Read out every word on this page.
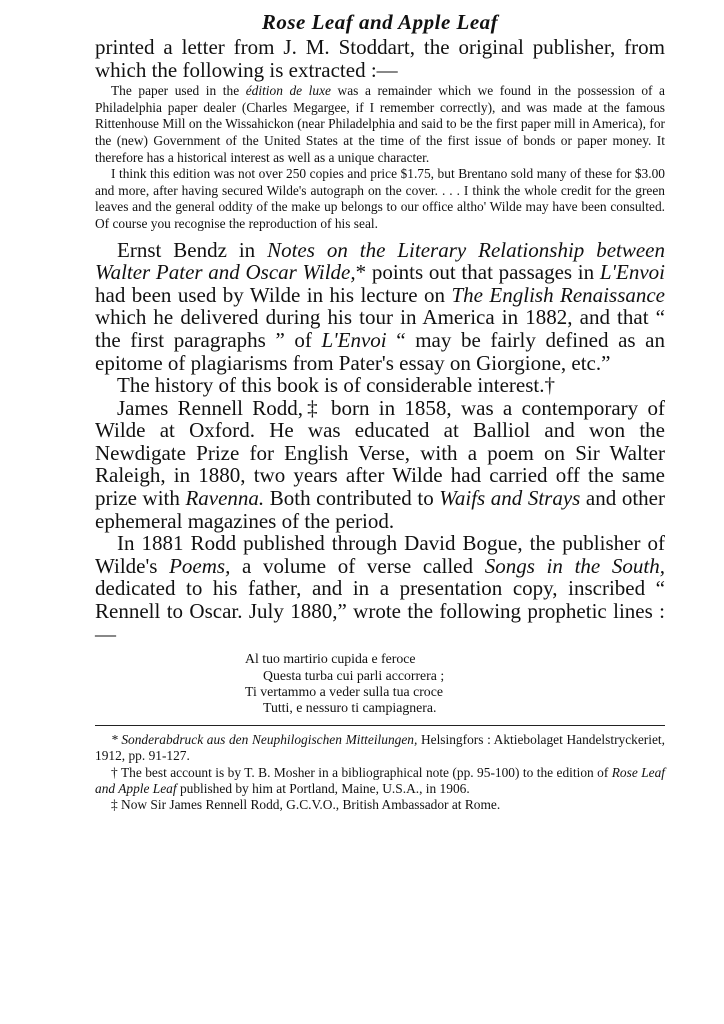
Rose Leaf and Apple Leaf

printed a letter from J. M. Stoddart, the original publisher, from which the following is extracted :—

The paper used in the édition de luxe was a remainder which we found in the possession of a Philadelphia paper dealer (Charles Megargee, if I remember correctly), and was made at the famous Rittenhouse Mill on the Wissahickon (near Philadelphia and said to be the first paper mill in America), for the (new) Government of the United States at the time of the first issue of bonds or paper money. It therefore has a historical interest as well as a unique character.

I think this edition was not over 250 copies and price $1.75, but Brentano sold many of these for $3.00 and more, after having secured Wilde's autograph on the cover. . . . I think the whole credit for the green leaves and the general oddity of the make up belongs to our office altho' Wilde may have been consulted. Of course you recognise the reproduction of his seal.

Ernst Bendz in Notes on the Literary Relationship between Walter Pater and Oscar Wilde,* points out that passages in L'Envoi had been used by Wilde in his lecture on The English Renaissance which he delivered during his tour in America in 1882, and that “ the first paragraphs ” of L'Envoi “ may be fairly defined as an epitome of plagiarisms from Pater's essay on Giorgione, etc.”

The history of this book is of considerable interest.†

James Rennell Rodd,‡ born in 1858, was a contemporary of Wilde at Oxford. He was educated at Balliol and won the Newdigate Prize for English Verse, with a poem on Sir Walter Raleigh, in 1880, two years after Wilde had carried off the same prize with Ravenna. Both contributed to Waifs and Strays and other ephemeral magazines of the period.

In 1881 Rodd published through David Bogue, the publisher of Wilde's Poems, a volume of verse called Songs in the South, dedicated to his father, and in a presentation copy, inscribed “ Rennell to Oscar. July 1880,” wrote the following prophetic lines :—

Al tuo martirio cupida e feroce
Questa turba cui parli accorrera ;
Ti vertammo a veder sulla tua croce
Tutti, e nessuro ti campiagnera.

* Sonderabdruck aus den Neuphilogischen Mitteilungen, Helsingfors : Aktiebolaget Handelstryckeriet, 1912, pp. 91-127.

† The best account is by T. B. Mosher in a bibliographical note (pp. 95-100) to the edition of Rose Leaf and Apple Leaf published by him at Portland, Maine, U.S.A., in 1906.

‡ Now Sir James Rennell Rodd, G.C.V.O., British Ambassador at Rome.
